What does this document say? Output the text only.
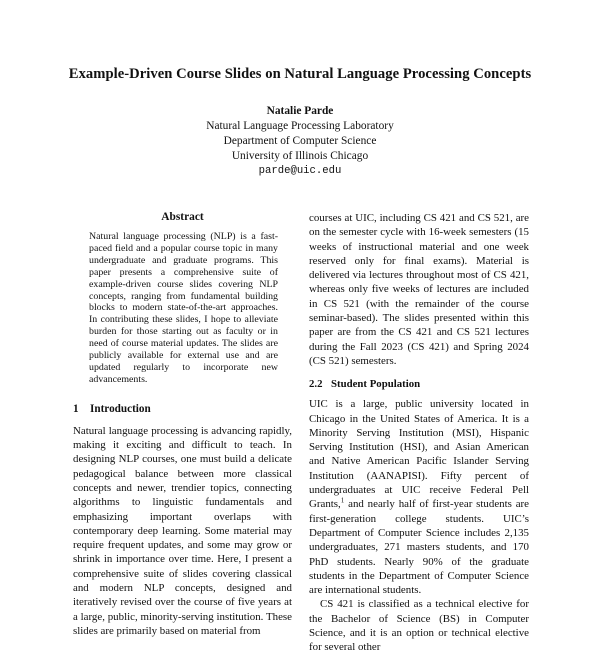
Example-Driven Course Slides on Natural Language Processing Concepts
Natalie Parde
Natural Language Processing Laboratory
Department of Computer Science
University of Illinois Chicago
parde@uic.edu
Abstract

Natural language processing (NLP) is a fast-paced field and a popular course topic in many undergraduate and graduate programs. This paper presents a comprehensive suite of example-driven course slides covering NLP concepts, ranging from fundamental building blocks to modern state-of-the-art approaches. In contributing these slides, I hope to alleviate burden for those starting out as faculty or in need of course material updates. The slides are publicly available for external use and are updated regularly to incorporate new advancements.

1 Introduction

Natural language processing is advancing rapidly, making it exciting and difficult to teach. In designing NLP courses, one must build a delicate pedagogical balance between more classical concepts and newer, trendier topics, connecting algorithms to linguistic fundamentals and emphasizing important overlaps with contemporary deep learning. Some material may require frequent updates, and some may grow or shrink in importance over time. Here, I present a comprehensive suite of slides covering classical and modern NLP concepts, designed and iteratively revised over the course of five years at a large, public, minority-serving institution. These slides are primarily based on material from

courses at UIC, including CS 421 and CS 521, are on the semester cycle with 16-week semesters (15 weeks of instructional material and one week reserved only for final exams). Material is delivered via lectures throughout most of CS 421, whereas only five weeks of lectures are included in CS 521 (with the remainder of the course seminar-based). The slides presented within this paper are from the CS 421 and CS 521 lectures during the Fall 2023 (CS 421) and Spring 2024 (CS 521) semesters.

2.2 Student Population

UIC is a large, public university located in Chicago in the United States of America. It is a Minority Serving Institution (MSI), Hispanic Serving Institution (HSI), and Asian American and Native American Pacific Islander Serving Institution (AANAPISI). Fifty percent of undergraduates at UIC receive Federal Pell Grants,$^1$ and nearly half of first-year students are first-generation college students. UIC’s Department of Computer Science includes 2,135 undergraduates, 271 masters students, and 170 PhD students. Nearly 90% of the graduate students in the Department of Computer Science are international students.

CS 421 is classified as a technical elective for the Bachelor of Science (BS) in Computer Science, and it is an option or technical elective for several other
